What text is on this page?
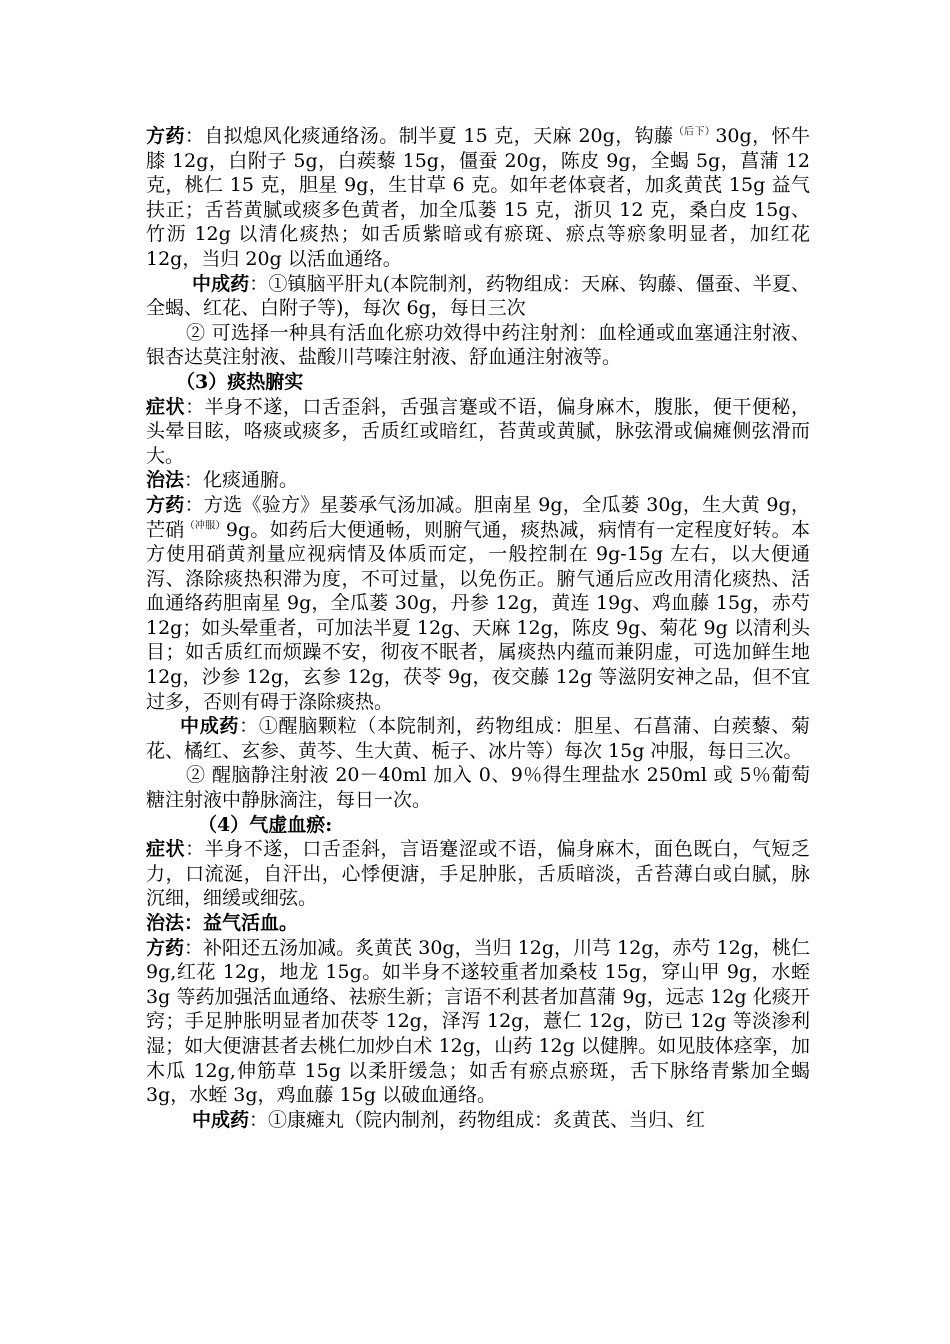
方药：自拟熄风化痰通络汤。制半夏 15 克，天麻 20g，钩藤$^{(后下)}$30g，怀牛膝 12g，白附子 5g，白蒺藜 15g，僵蚕 20g，陈皮 9g，全蝎 5g，菖蒲 12 克，桃仁 15 克，胆星 9g，生甘草 6 克。如年老体衰者，加炙黄芪 15g 益气扶正；舌苔黄腻或痰多色黄者，加全瓜蒌 15 克，浙贝 12 克，桑白皮 15g、竹沥 12g 以清化痰热；如舌质紫暗或有瘀斑、瘀点等瘀象明显者，加红花 12g，当归 20g 以活血通络。

中成药：①镇脑平肝丸(本院制剂，药物组成：天麻、钩藤、僵蚕、半夏、全蝎、红花、白附子等)，每次 6g，每日三次

② 可选择一种具有活血化瘀功效得中药注射剂：血栓通或血塞通注射液、银杏达莫注射液、盐酸川芎嗪注射液、舒血通注射液等。

（3）痰热腑实

症状：半身不遂，口舌歪斜，舌强言蹇或不语，偏身麻木，腹胀，便干便秘，头晕目眩，咯痰或痰多，舌质红或暗红，苔黄或黄腻，脉弦滑或偏瘫侧弦滑而大。

治法：化痰通腑。

方药：方选《验方》星蒌承气汤加减。胆南星 9g，全瓜蒌 30g，生大黄 9g，芒硝$^{(冲服)}$9g。如药后大便通畅，则腑气通，痰热减，病情有一定程度好转。本方使用硝黄剂量应视病情及体质而定，一般控制在 9g-15g 左右，以大便通泻、涤除痰热积滞为度，不可过量，以免伤正。腑气通后应改用清化痰热、活血通络药胆南星 9g，全瓜蒌 30g，丹参 12g，黄连 19g、鸡血藤 15g，赤芍 12g；如头晕重者，可加法半夏 12g、天麻 12g，陈皮 9g、菊花 9g 以清利头目；如舌质红而烦躁不安，彻夜不眠者，属痰热内蕴而兼阴虚，可选加鲜生地 12g，沙参 12g，玄参 12g，茯苓 9g，夜交藤 12g 等滋阴安神之品，但不宜过多，否则有碍于涤除痰热。

中成药：①醒脑颗粒（本院制剂，药物组成：胆星、石菖蒲、白蒺藜、菊花、橘红、玄参、黄芩、生大黄、栀子、冰片等）每次 15g 冲服，每日三次。

② 醒脑静注射液 20－40ml 加入 0、9％得生理盐水 250ml 或 5％葡萄糖注射液中静脉滴注，每日一次。

（4）气虚血瘀:

症状：半身不遂，口舌歪斜，言语蹇涩或不语，偏身麻木，面色既白，气短乏力，口流涎，自汗出，心悸便溏，手足肿胀，舌质暗淡，舌苔薄白或白腻，脉沉细，细缓或细弦。

治法：益气活血。

方药：补阳还五汤加减。炙黄芪 30g，当归 12g，川芎 12g，赤芍 12g，桃仁 9g,红花 12g，地龙 15g。如半身不遂较重者加桑枝 15g，穿山甲 9g，水蛭 3g 等药加强活血通络、祛瘀生新；言语不利甚者加菖蒲 9g，远志 12g 化痰开窍；手足肿胀明显者加茯苓 12g，泽泻 12g，薏仁 12g，防已 12g 等淡渗利湿；如大便溏甚者去桃仁加炒白术 12g，山药 12g 以健脾。如见肢体痉挛，加木瓜 12g,伸筋草 15g 以柔肝缓急；如舌有瘀点瘀斑，舌下脉络青紫加全蝎 3g，水蛭 3g，鸡血藤 15g 以破血通络。

中成药：①康瘫丸（院内制剂，药物组成：炙黄芪、当归、红
